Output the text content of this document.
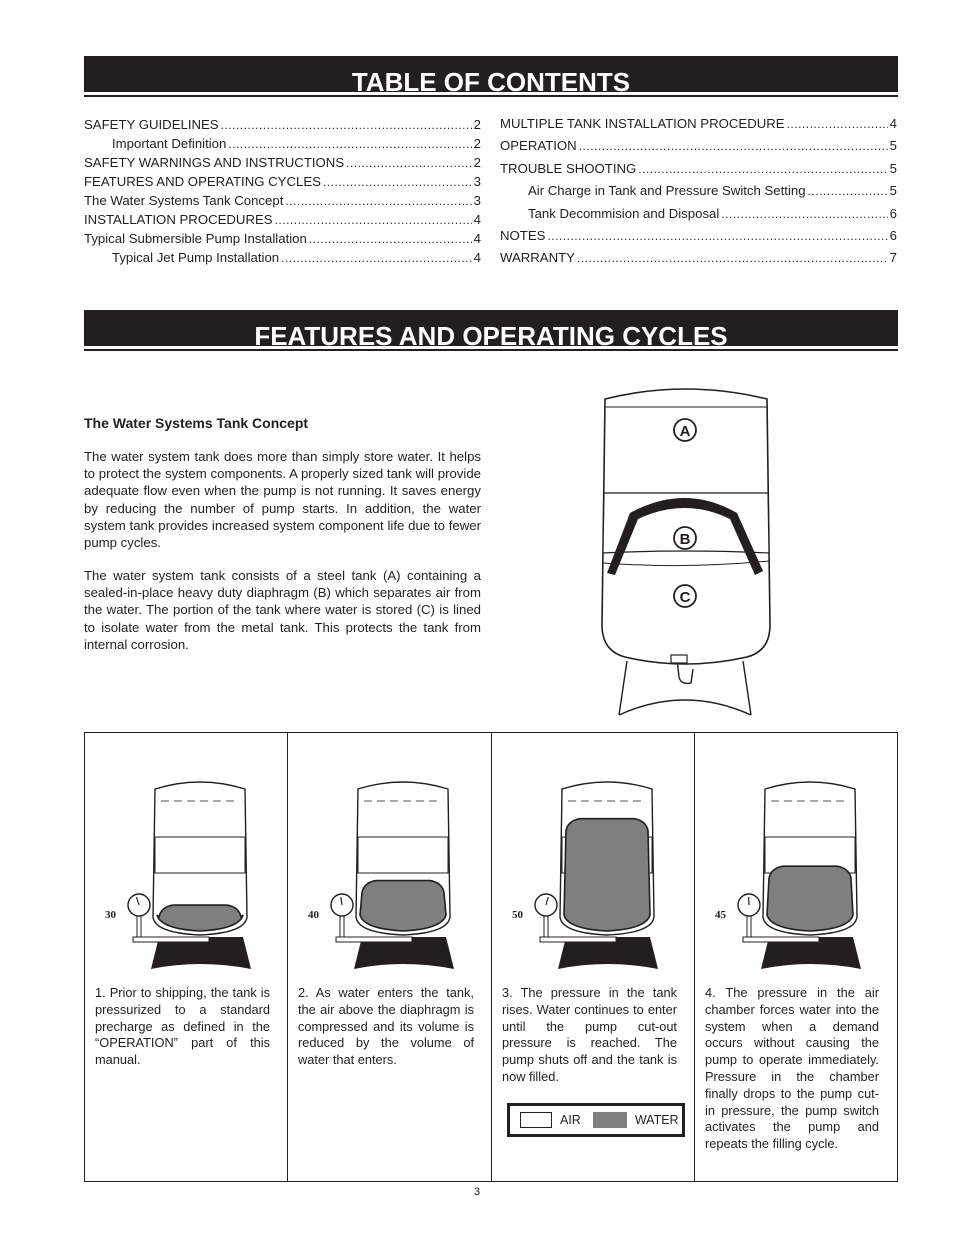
TABLE OF CONTENTS
SAFETY GUIDELINES .....	2
Important Definition .....	2
SAFETY WARNINGS AND INSTRUCTIONS .....	2
FEATURES AND OPERATING CYCLES .....	3
The Water Systems Tank Concept .....	3
INSTALLATION PROCEDURES .....	4
Typical Submersible Pump Installation .....	4
Typical Jet Pump Installation .....	4
MULTIPLE TANK INSTALLATION PROCEDURE .....	4
OPERATION .....	5
TROUBLE SHOOTING .....	5
Air Charge in Tank and Pressure Switch Setting .....	5
Tank Decommision and Disposal .....	6
NOTES .....	6
WARRANTY .....	7
FEATURES AND OPERATING CYCLES
The Water Systems Tank Concept

The water system tank does more than simply store water. It helps to protect the system components. A properly sized tank will provide adequate flow even when the pump is not running. It saves energy by reducing the number of pump starts. In addition, the water system tank provides increased system component life due to fewer pump cycles.

The water system tank consists of a steel tank (A) containing a sealed-in-place heavy duty diaphragm (B) which separates air from the water. The portion of the tank where water is stored (C) is lined to isolate water from the metal tank. This protects the tank from internal corrosion.

A
B
C
30

1. Prior to shipping, the tank is pressurized to a standard precharge as defined in the “OPERATION” part of this manual.

40

2. As water enters the tank, the air above the diaphragm is compressed and its volume is reduced by the volume of water that enters.

50

3. The pressure in the tank rises. Water continues to enter until the pump cut-out pressure is reached. The pump shuts off and the tank is now filled.

45

4. The pressure in the air chamber forces water into the system when a demand occurs without causing the pump to operate immediately. Pressure in the chamber finally drops to the pump cut-in pressure, the pump switch activates the pump and repeats the filling cycle.

AIR	WATER
3
